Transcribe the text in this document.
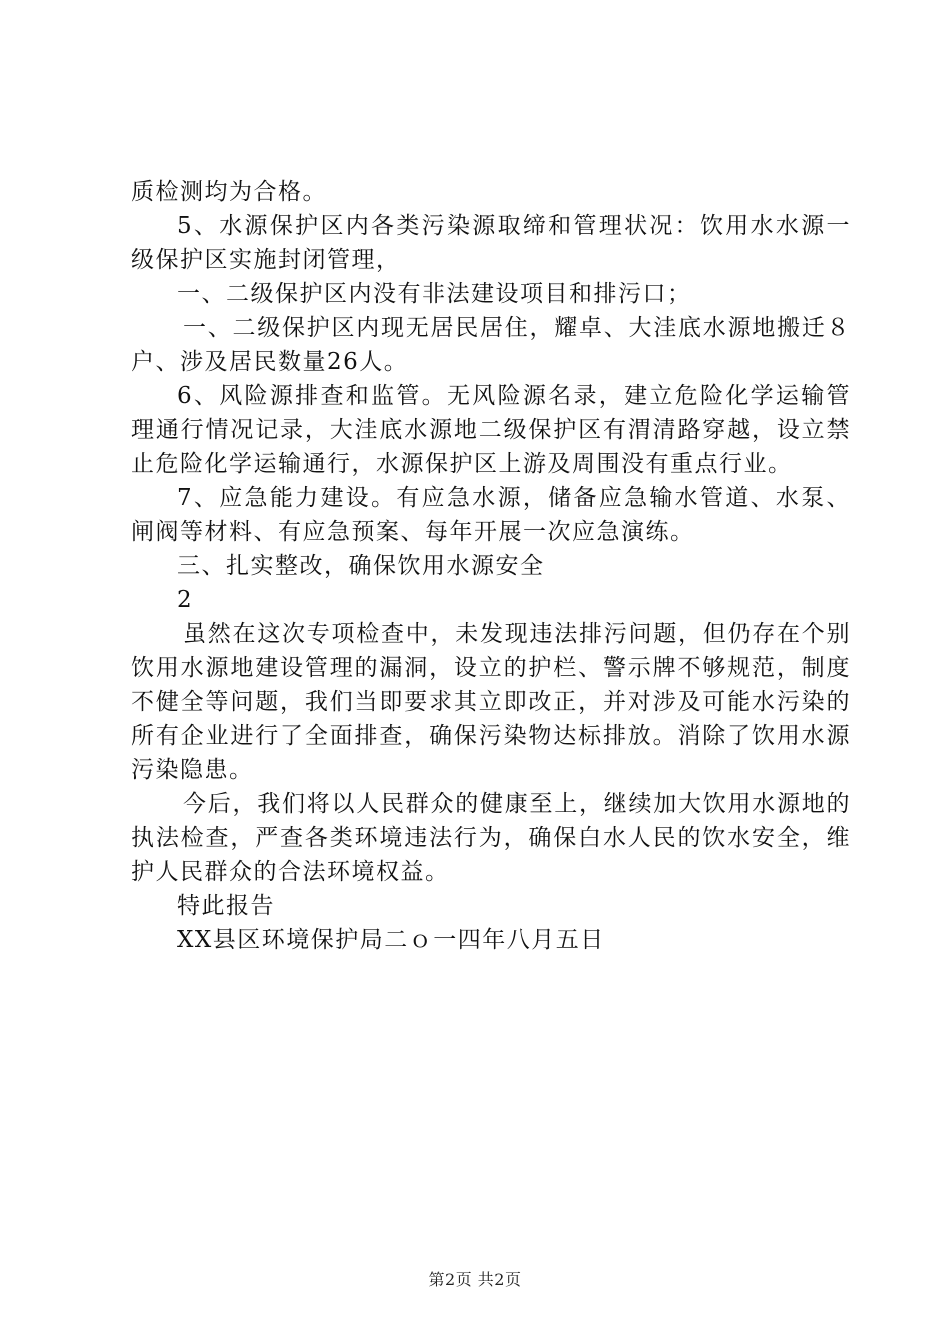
质检测均为合格。

5、水源保护区内各类污染源取缔和管理状况：饮用水水源一级保护区实施封闭管理，

一、二级保护区内没有非法建设项目和排污口；

一、二级保护区内现无居民居住，耀卓、大洼底水源地搬迁８户、涉及居民数量26人。

6、风险源排查和监管。无风险源名录，建立危险化学运输管理通行情况记录，大洼底水源地二级保护区有渭清路穿越，设立禁止危险化学运输通行，水源保护区上游及周围没有重点行业。

7、应急能力建设。有应急水源，储备应急输水管道、水泵、闸阀等材料、有应急预案、每年开展一次应急演练。

三、扎实整改，确保饮用水源安全

2

虽然在这次专项检查中，未发现违法排污问题，但仍存在个别饮用水源地建设管理的漏洞，设立的护栏、警示牌不够规范，制度不健全等问题，我们当即要求其立即改正，并对涉及可能水污染的所有企业进行了全面排查，确保污染物达标排放。消除了饮用水源污染隐患。

今后，我们将以人民群众的健康至上，继续加大饮用水源地的执法检查，严查各类环境违法行为，确保白水人民的饮水安全，维护人民群众的合法环境权益。

特此报告

XX县区环境保护局二ｏ一四年八月五日

第2页 共2页
